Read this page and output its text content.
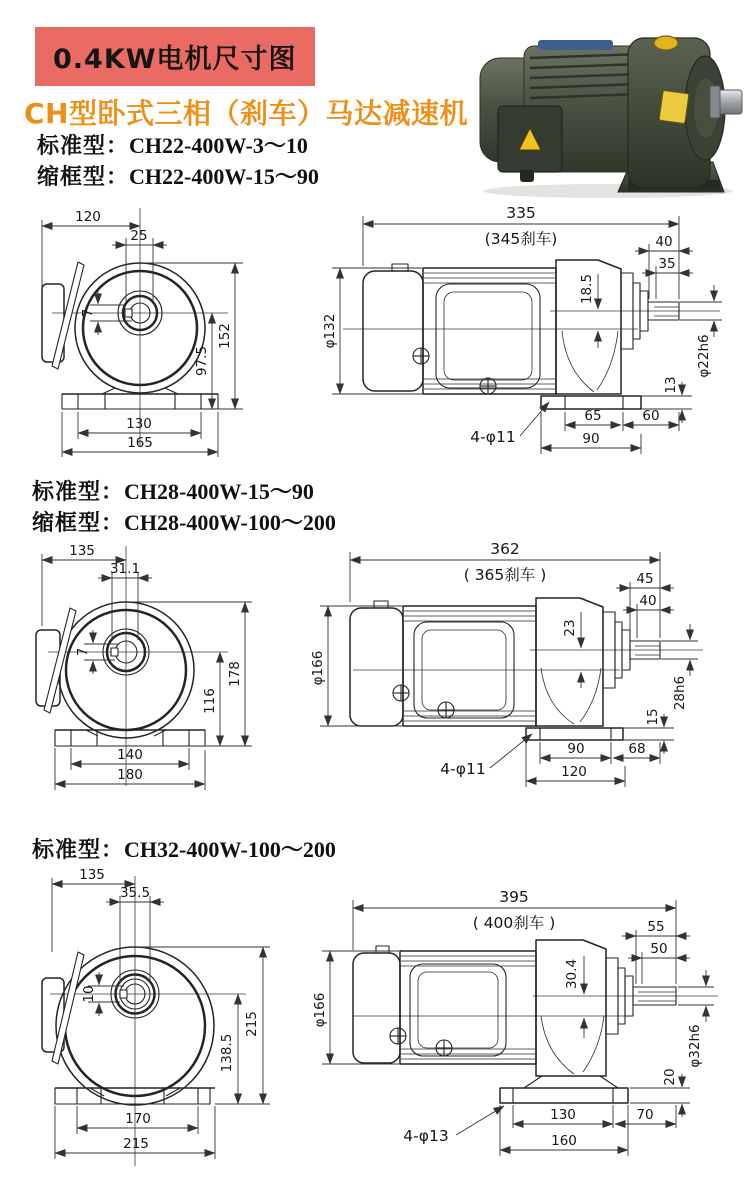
0.4KW电机尺寸图
CH型卧式三相（刹车）马达减速机
标准型：CH22-400W-3～10
缩框型：CH22-400W-15～90
120
25
7
97.5
152
130
165
335
(345刹车)	40
35
18.5
φ132
φ22h6
13
60
65
90
4-φ11
标准型：CH28-400W-15～90
缩框型：CH28-400W-100～200
135
31.1
7
116
178
140
180
362
( 365刹车 )	45
40
23
φ166
28h6
15
90	68
120
4-φ11
标准型：CH32-400W-100～200
135
35.5
10
138.5
215
170
215
395
( 400刹车 )	55
50
30.4
φ166
φ32h6
20
130	70
160
4-φ13
